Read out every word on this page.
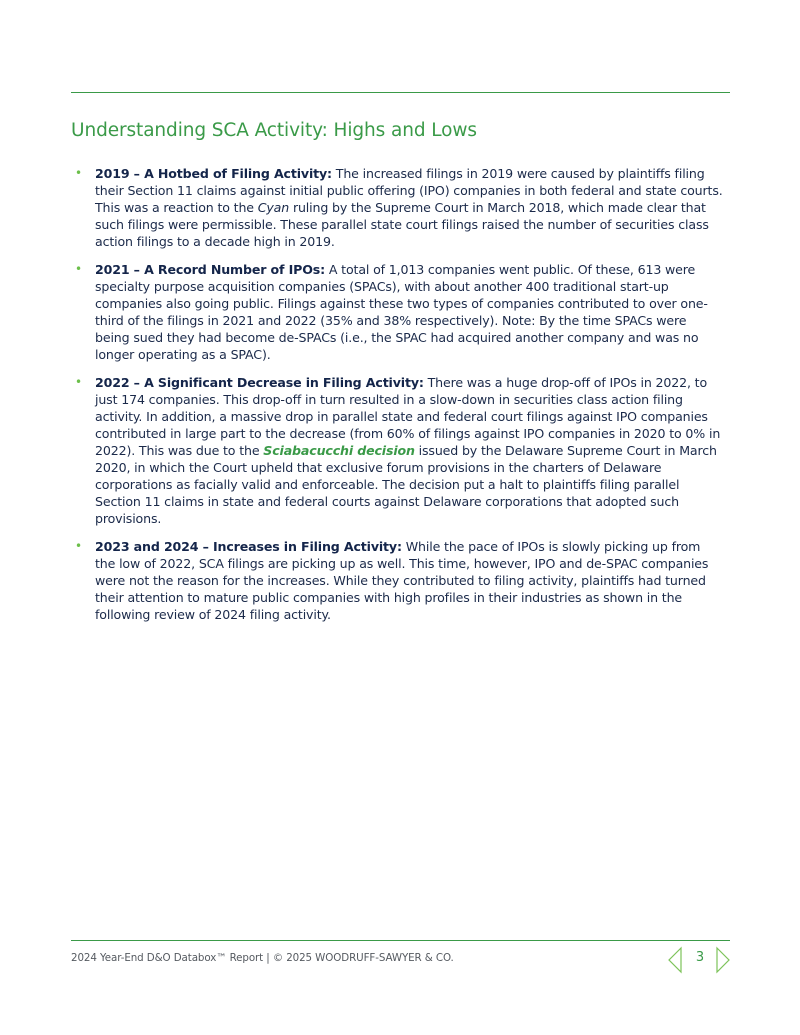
Understanding SCA Activity: Highs and Lows
• 2019 – A Hotbed of Filing Activity: The increased filings in 2019 were caused by plaintiffs filing their Section 11 claims against initial public offering (IPO) companies in both federal and state courts. This was a reaction to the Cyan ruling by the Supreme Court in March 2018, which made clear that such filings were permissible. These parallel state court filings raised the number of securities class action filings to a decade high in 2019.
• 2021 – A Record Number of IPOs: A total of 1,013 companies went public. Of these, 613 were specialty purpose acquisition companies (SPACs), with about another 400 traditional start-up companies also going public. Filings against these two types of companies contributed to over one-third of the filings in 2021 and 2022 (35% and 38% respectively). Note: By the time SPACs were being sued they had become de-SPACs (i.e., the SPAC had acquired another company and was no longer operating as a SPAC).
• 2022 – A Significant Decrease in Filing Activity: There was a huge drop-off of IPOs in 2022, to just 174 companies. This drop-off in turn resulted in a slow-down in securities class action filing activity. In addition, a massive drop in parallel state and federal court filings against IPO companies contributed in large part to the decrease (from 60% of filings against IPO companies in 2020 to 0% in 2022). This was due to the Sciabacucchi decision issued by the Delaware Supreme Court in March 2020, in which the Court upheld that exclusive forum provisions in the charters of Delaware corporations as facially valid and enforceable. The decision put a halt to plaintiffs filing parallel Section 11 claims in state and federal courts against Delaware corporations that adopted such provisions.
• 2023 and 2024 – Increases in Filing Activity: While the pace of IPOs is slowly picking up from the low of 2022, SCA filings are picking up as well. This time, however, IPO and de-SPAC companies were not the reason for the increases. While they contributed to filing activity, plaintiffs had turned their attention to mature public companies with high profiles in their industries as shown in the following review of 2024 filing activity.
2024 Year-End D&O Databox™ Report | © 2025 WOODRUFF-SAWYER & CO.	3
